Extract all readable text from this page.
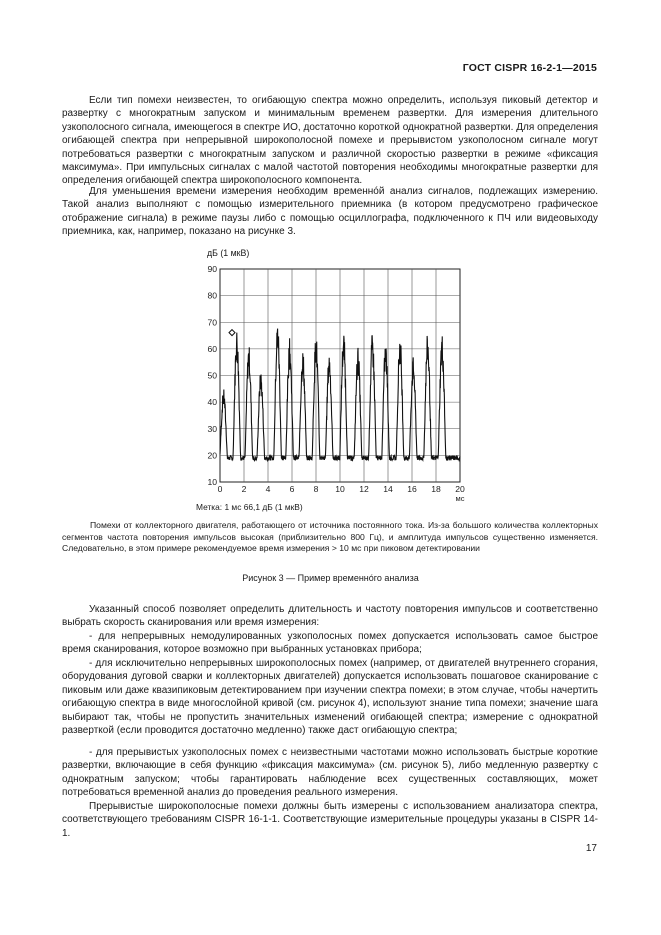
ГОСТ CISPR 16-2-1—2015

Если тип помехи неизвестен, то огибающую спектра можно определить, используя пиковый детектор и развертку с многократным запуском и минимальным временем развертки. Для измерения длительного узкополосного сигнала, имеющегося в спектре ИО, достаточно короткой однократной развертки. Для определения огибающей спектра при непрерывной широкополосной помехе и прерывистом узкополосном сигнале могут потребоваться развертки с многократным запуском и различной скоростью развертки в режиме «фиксация максимума». При импульсных сигналах с малой частотой повторения необходимы многократные развертки для определения огибающей спектра широкополосного компонента.

Для уменьшения времени измерения необходим временнóй анализ сигналов, подлежащих измерению. Такой анализ выполняют с помощью измерительного приемника (в котором предусмотрено графическое отображение сигнала) в режиме паузы либо с помощью осциллографа, подключенного к ПЧ или видеовыходу приемника, как, например, показано на рисунке 3.

дБ (1 мкВ)
0 2 4 6 8 10 12 14 16 18 20
10
20
30
40
50
60
70
80
90
мс
Метка: 1 мс 66,1 дБ (1 мкВ)

Помехи от коллекторного двигателя, работающего от источника постоянного тока. Из-за большого количества коллекторных сегментов частота повторения импульсов высокая (приблизительно 800 Гц), и амплитуда импульсов существенно изменяется. Следовательно, в этом примере рекомендуемое время измерения > 10 мс при пиковом детектировании

Рисунок 3 — Пример временнóго анализа

Указанный способ позволяет определить длительность и частоту повторения импульсов и соответственно выбрать скорость сканирования или время измерения:

- для непрерывных немодулированных узкополосных помех допускается использовать самое быстрое время сканирования, которое возможно при выбранных установках прибора;

- для исключительно непрерывных широкополосных помех (например, от двигателей внутреннего сгорания, оборудования дуговой сварки и коллекторных двигателей) допускается использовать пошаговое сканирование с пиковым или даже квазипиковым детектированием при изучении спектра помехи; в этом случае, чтобы начертить огибающую спектра в виде многослойной кривой (см. рисунок 4), используют знание типа помехи; значение шага выбирают так, чтобы не пропустить значительных изменений огибающей спектра; измерение с однократной разверткой (если проводится достаточно медленно) также даст огибающую спектра;

- для прерывистых узкополосных помех с неизвестными частотами можно использовать быстрые короткие развертки, включающие в себя функцию «фиксация максимума» (см. рисунок 5), либо медленную развертку с однократным запуском; чтобы гарантировать наблюдение всех существенных составляющих, может потребоваться временной анализ до проведения реального измерения.

Прерывистые широкополосные помехи должны быть измерены с использованием анализатора спектра, соответствующего требованиям CISPR 16-1-1. Соответствующие измерительные процедуры указаны в CISPR 14-1.

17
